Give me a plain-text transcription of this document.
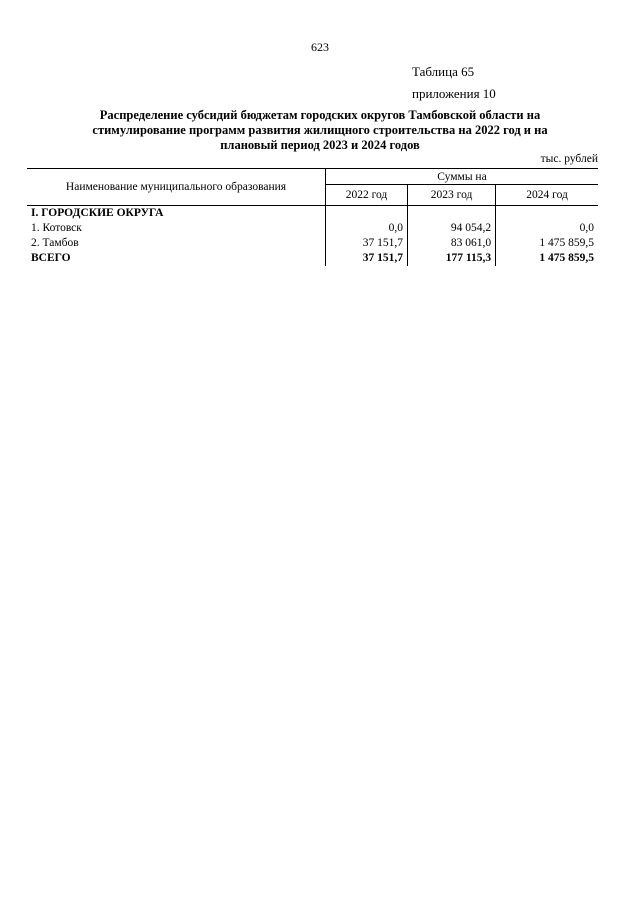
623
Таблица 65
приложения 10
Распределение субсидий бюджетам городских округов Тамбовской области на
стимулирование программ развития жилищного строительства на 2022 год и на
плановый период 2023 и 2024 годов
тыс. рублей
Наименование муниципального образования	Суммы на		
	2022 год	2023 год	2024 год
I. ГОРОДСКИЕ ОКРУГА			
1. Котовск	0,0	94 054,2	0,0
2. Тамбов	37 151,7	83 061,0	1 475 859,5
ВСЕГО	37 151,7	177 115,3	1 475 859,5
